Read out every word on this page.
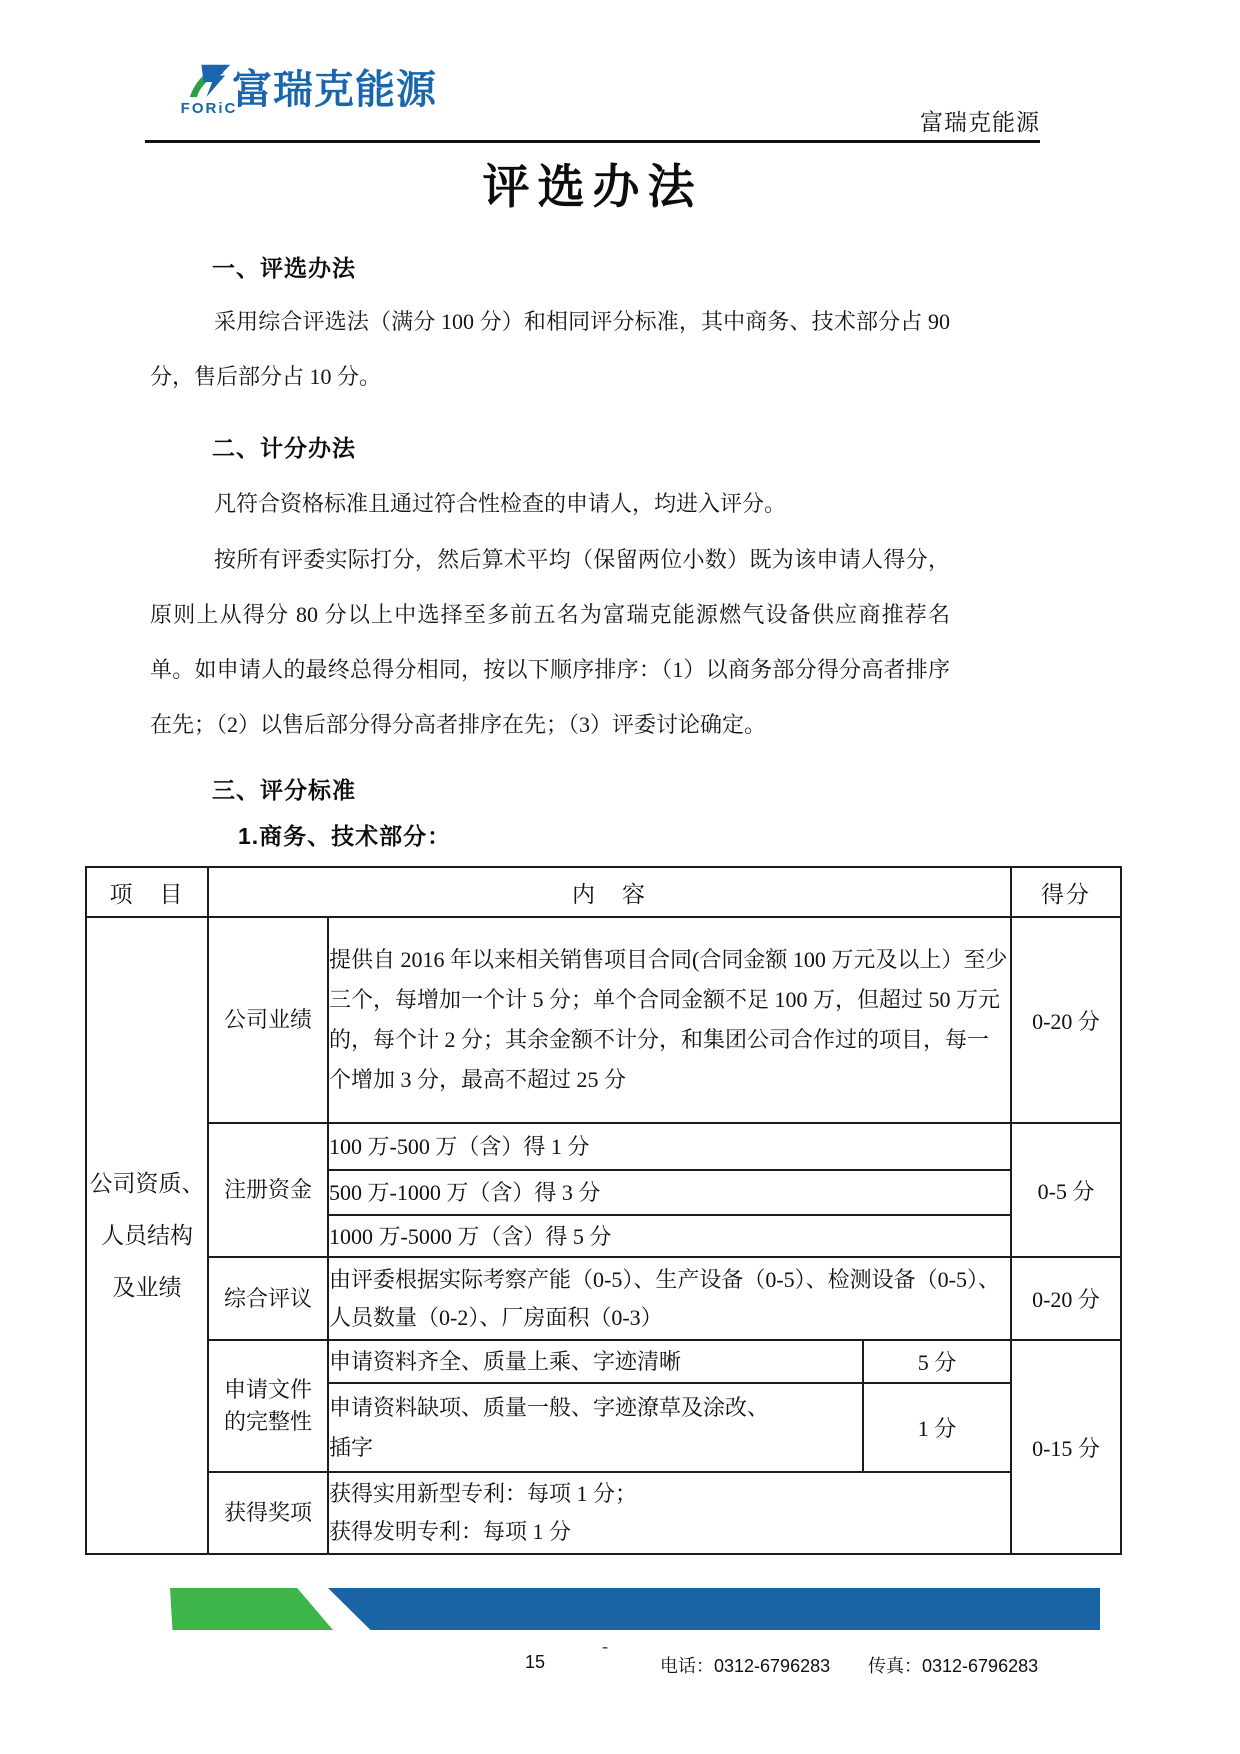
FORiC
富瑞克能源
富瑞克能源
评选办法
一、评选办法
采用综合评选法（满分 100 分）和相同评分标准，其中商务、技术部分占 90 分，售后部分占 10 分。
二、计分办法
凡符合资格标准且通过符合性检查的申请人，均进入评分。
按所有评委实际打分，然后算术平均（保留两位小数）既为该申请人得分，原则上从得分 80 分以上中选择至多前五名为富瑞克能源燃气设备供应商推荐名单。如申请人的最终总得分相同，按以下顺序排序：（1）以商务部分得分高者排序在先；（2）以售后部分得分高者排序在先；（3）评委讨论确定。
三、评分标准
1.商务、技术部分：
项　目	内　容			得分

公司资质、
人员结构
及业绩	公司业绩	提供自 2016 年以来相关销售项目合同(合同金额 100 万元及以上）至少三个，每增加一个计 5 分；单个合同金额不足 100 万，但超过 50 万元的，每个计 2 分；其余金额不计分，和集团公司合作过的项目，每一个增加 3 分，最高不超过 25 分		0-20 分
	注册资金	100 万-500 万（含）得 1 分		0-5 分
		500 万-1000 万（含）得 3 分		
		1000 万-5000 万（含）得 5 分		
	综合评议	由评委根据实际考察产能（0-5）、生产设备（0-5）、检测设备（0-5）、人员数量（0-2）、厂房面积（0-3）		0-20 分

	申请文件
的完整性	申请资料齐全、质量上乘、字迹清晰	5 分	0-15 分

		申请资料缺项、质量一般、字迹潦草及涂改、插字	1 分	
	获得奖项	获得实用新型专利：每项 1 分；
获得发明专利：每项 1 分		
-
15	电话：0312-6796283 传真：0312-6796283
